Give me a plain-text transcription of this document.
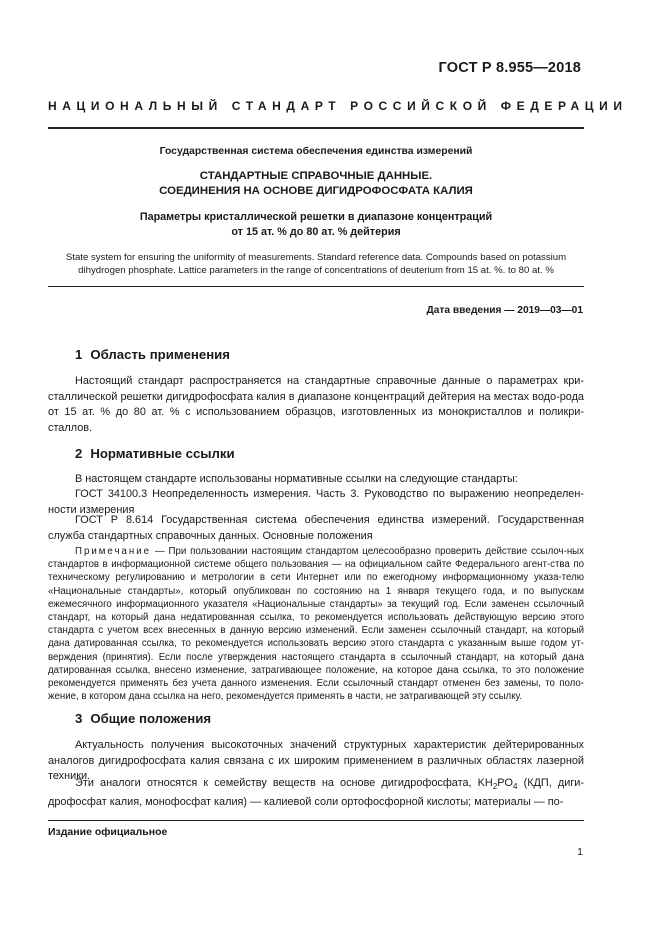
ГОСТ Р 8.955—2018
НАЦИОНАЛЬНЫЙ СТАНДАРТ РОССИЙСКОЙ ФЕДЕРАЦИИ
Государственная система обеспечения единства измерений
СТАНДАРТНЫЕ СПРАВОЧНЫЕ ДАННЫЕ.
СОЕДИНЕНИЯ НА ОСНОВЕ ДИГИДРОФОСФАТА КАЛИЯ
Параметры кристаллической решетки в диапазоне концентраций
от 15 ат. % до 80 ат. % дейтерия
State system for ensuring the uniformity of measurements. Standard reference data. Compounds based on potassium
dihydrogen phosphate. Lattice parameters in the range of concentrations of deuterium from 15 at. %. to 80 at. %
Дата введения — 2019—03—01
1 Область применения
Настоящий стандарт распространяется на стандартные справочные данные о параметрах кри-сталлической решетки дигидрофосфата калия в диапазоне концентраций дейтерия на местах водо-рода от 15 ат. % до 80 ат. % с использованием образцов, изготовленных из монокристаллов и поликри-сталлов.
2 Нормативные ссылки
В настоящем стандарте использованы нормативные ссылки на следующие стандарты:
ГОСТ 34100.3 Неопределенность измерения. Часть 3. Руководство по выражению неопределен-ности измерения
ГОСТ Р 8.614 Государственная система обеспечения единства измерений. Государственная служба стандартных справочных данных. Основные положения
Примечание — При пользовании настоящим стандартом целесообразно проверить действие ссылоч-ных стандартов в информационной системе общего пользования — на официальном сайте Федерального агент-ства по техническому регулированию и метрологии в сети Интернет или по ежегодному информационному указа-телю «Национальные стандарты», который опубликован по состоянию на 1 января текущего года, и по выпускам ежемесячного информационного указателя «Национальные стандарты» за текущий год. Если заменен ссылочный стандарт, на который дана недатированная ссылка, то рекомендуется использовать действующую версию этого стандарта с учетом всех внесенных в данную версию изменений. Если заменен ссылочный стандарт, на который дана датированная ссылка, то рекомендуется использовать версию этого стандарта с указанным выше годом ут-верждения (принятия). Если после утверждения настоящего стандарта в ссылочный стандарт, на который дана датированная ссылка, внесено изменение, затрагивающее положение, на которое дана ссылка, то это положение рекомендуется применять без учета данного изменения. Если ссылочный стандарт отменен без замены, то поло-жение, в котором дана ссылка на него, рекомендуется применять в части, не затрагивающей эту ссылку.
3 Общие положения
Актуальность получения высокоточных значений структурных характеристик дейтерированных аналогов дигидрофосфата калия связана с их широким применением в различных областях лазерной техники.
Эти аналоги относятся к семейству веществ на основе дигидрофосфата, $KH_2PO_4$ (КДП, диги-дрофосфат калия, монофосфат калия) — калиевой соли ортофосфорной кислоты; материалы — по-
Издание официальное
1
